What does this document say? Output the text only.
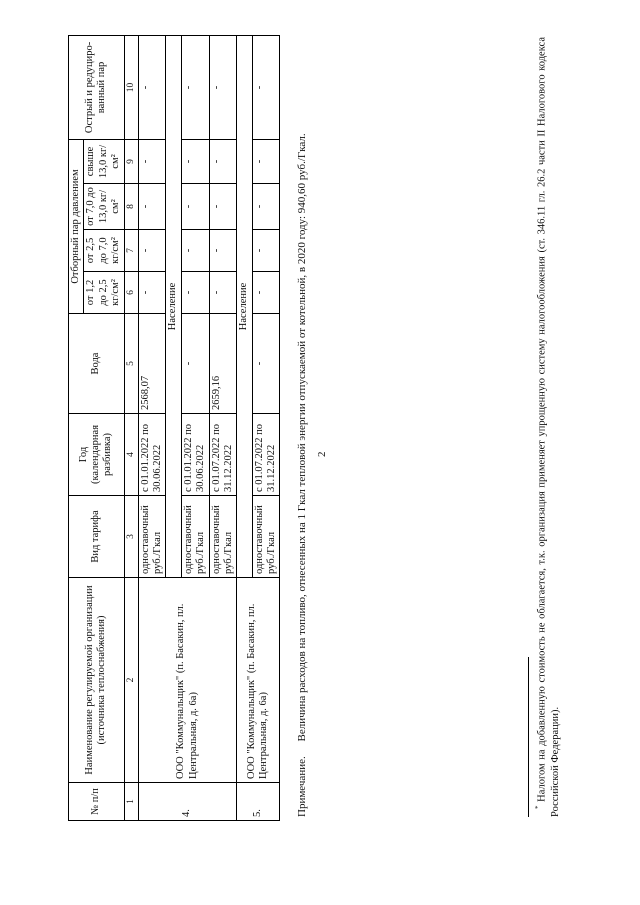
2
№ п/п	Наименование регулируемой организации (источника теплоснабжения)	Вид тарифа	Год (календарная разбивка)	Вода	Отборный пар давлением				Острый и редуциро-ванный пар
					от 1,2 до 2,5 кг/см²	от 2,5 до 7,0 кг/см²	от 7,0 до 13,0 кг/см²	свыше 13,0 кг/см²	
1	2	3	4	5	6	7	8	9	10
4.	ООО "Коммунальщик" (п. Басакин, пл. Центральная, д. 6а)	одноставочный руб./Гкал	с 01.01.2022 по 30.06.2022	2568,07	-	-	-	-	-
		Население							
		одноставочный руб./Гкал	с 01.01.2022 по 30.06.2022	-	-	-	-	-	-
		одноставочный руб./Гкал	с 01.07.2022 по 31.12.2022	2659,16	-	-	-	-	-
5.	ООО "Коммунальщик" (п. Басакин, пл. Центральная, д. 6а)	Население							
		одноставочный руб./Гкал	с 01.07.2022 по 31.12.2022	-	-	-	-	-	-
Примечание. Величина расходов на топливо, отнесенных на 1 Гкал тепловой энергии отпускаемой от котельной, в 2020 году: 940,60 руб./Гкал.
* Налогом на добавленную стоимость не облагается, т.к. организация применяет упрощенную систему налогообложения (ст. 346.11 гл. 26.2 части II Налогового кодекса Российской Федерации).
